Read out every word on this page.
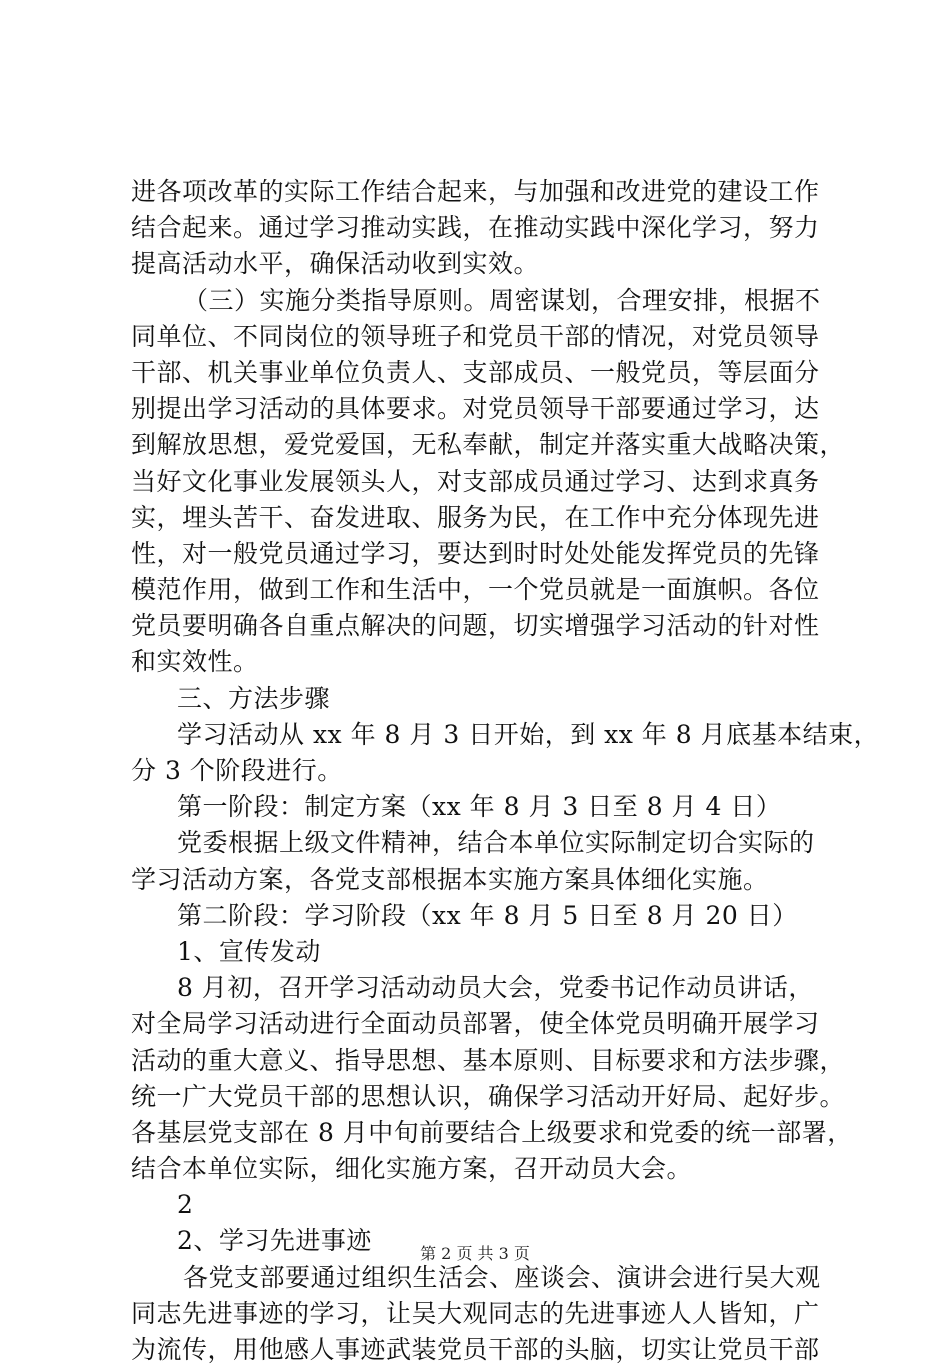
进各项改革的实际工作结合起来，与加强和改进党的建设工作
结合起来。通过学习推动实践，在推动实践中深化学习，努力
提高活动水平，确保活动收到实效。
（三）实施分类指导原则。周密谋划，合理安排，根据不
同单位、不同岗位的领导班子和党员干部的情况，对党员领导
干部、机关事业单位负责人、支部成员、一般党员，等层面分
别提出学习活动的具体要求。对党员领导干部要通过学习，达
到解放思想，爱党爱国，无私奉献，制定并落实重大战略决策，
当好文化事业发展领头人，对支部成员通过学习、达到求真务
实，埋头苦干、奋发进取、服务为民，在工作中充分体现先进
性，对一般党员通过学习，要达到时时处处能发挥党员的先锋
模范作用，做到工作和生活中，一个党员就是一面旗帜。各位
党员要明确各自重点解决的问题，切实增强学习活动的针对性
和实效性。
三、方法步骤
学习活动从 xx 年 8 月 3 日开始，到 xx 年 8 月底基本结束，
分 3 个阶段进行。
第一阶段：制定方案（xx 年 8 月 3 日至 8 月 4 日）
党委根据上级文件精神，结合本单位实际制定切合实际的
学习活动方案，各党支部根据本实施方案具体细化实施。
第二阶段：学习阶段（xx 年 8 月 5 日至 8 月 20 日）
1、宣传发动
8 月初，召开学习活动动员大会，党委书记作动员讲话，
对全局学习活动进行全面动员部署，使全体党员明确开展学习
活动的重大意义、指导思想、基本原则、目标要求和方法步骤，
统一广大党员干部的思想认识，确保学习活动开好局、起好步。
各基层党支部在 8 月中旬前要结合上级要求和党委的统一部署，
结合本单位实际，细化实施方案，召开动员大会。
2
2、学习先进事迹
各党支部要通过组织生活会、座谈会、演讲会进行吴大观
同志先进事迹的学习，让吴大观同志的先进事迹人人皆知，广
为流传，用他感人事迹武装党员干部的头脑，切实让党员干部
第 2 页 共 3 页
